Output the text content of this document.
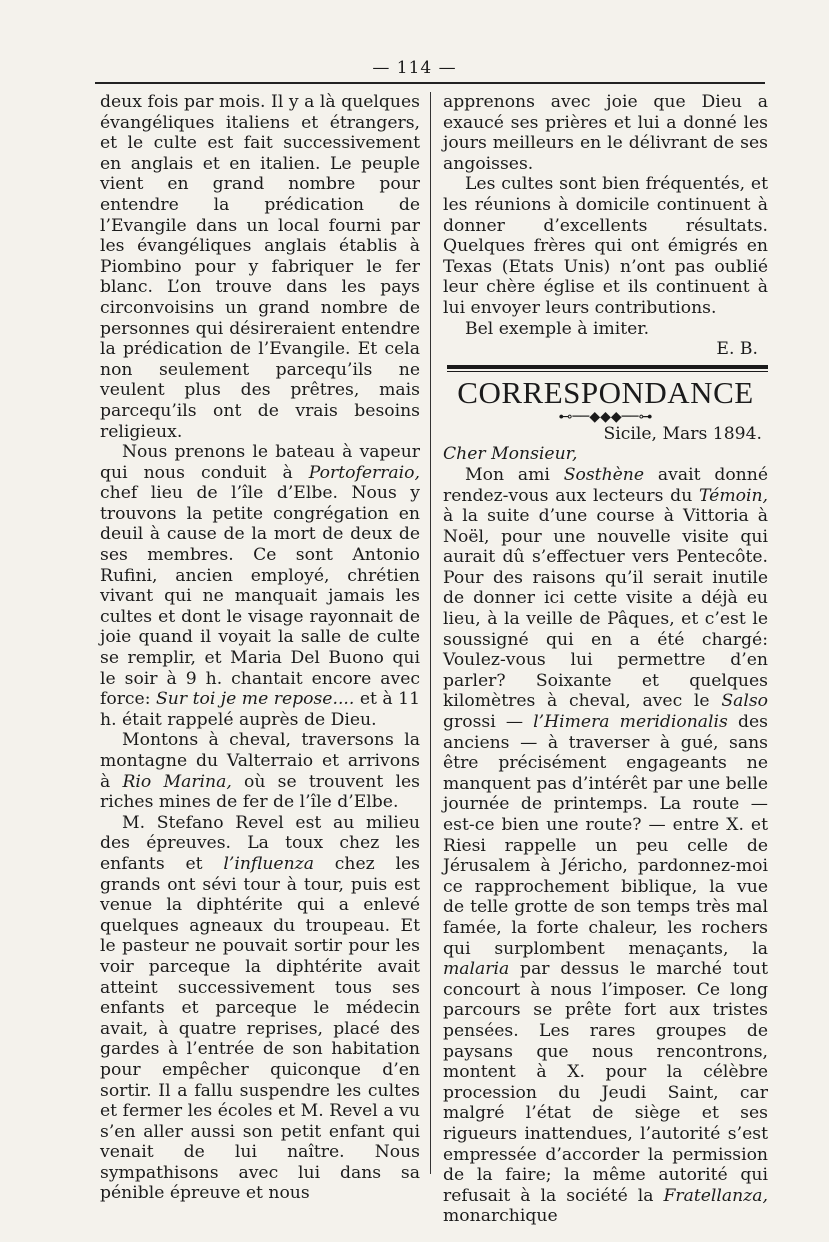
— 114 —

deux fois par mois. Il y a là quelques évangéliques italiens et étrangers, et le culte est fait successivement en anglais et en italien. Le peuple vient en grand nombre pour entendre la prédication de l’Evangile dans un local fourni par les évangéliques anglais établis à Piombino pour y fabriquer le fer blanc. L’on trouve dans les pays circonvoisins un grand nombre de personnes qui désireraient entendre la prédication de l’Evangile. Et cela non seulement parcequ’ils ne veulent plus des prêtres, mais parcequ’ils ont de vrais besoins religieux.

Nous prenons le bateau à vapeur qui nous conduit à Portoferraio, chef lieu de l’île d’Elbe. Nous y trouvons la petite congrégation en deuil à cause de la mort de deux de ses membres. Ce sont Antonio Rufini, ancien employé, chrétien vivant qui ne manquait jamais les cultes et dont le visage rayonnait de joie quand il voyait la salle de culte se remplir, et Maria Del Buono qui le soir à 9 h. chantait encore avec force: Sur toi je me repose.... et à 11 h. était rappelé auprès de Dieu.

Montons à cheval, traversons la montagne du Valterraio et arrivons à Rio Marina, où se trouvent les riches mines de fer de l’île d’Elbe.

M. Stefano Revel est au milieu des épreuves. La toux chez les enfants et l’influenza chez les grands ont sévi tour à tour, puis est venue la diphtérite qui a enlevé quelques agneaux du troupeau. Et le pasteur ne pouvait sortir pour les voir parceque la diphtérite avait atteint successivement tous ses enfants et parceque le médecin avait, à quatre reprises, placé des gardes à l’entrée de son habitation pour empêcher quiconque d’en sortir. Il a fallu suspendre les cultes et fermer les écoles et M. Revel a vu s’en aller aussi son petit enfant qui venait de lui naître. Nous sympathisons avec lui dans sa pénible épreuve et nous

apprenons avec joie que Dieu a exaucé ses prières et lui a donné les jours meilleurs en le délivrant de ses angoisses.

Les cultes sont bien fréquentés, et les réunions à domicile continuent à donner d’excellents résultats. Quelques frères qui ont émigrés en Texas (Etats Unis) n’ont pas oublié leur chère église et ils continuent à lui envoyer leurs contributions.

Bel exemple à imiter.

E. B.

CORRESPONDANCE

⊷──◆◆◆──⊶

Sicile, Mars 1894.

Cher Monsieur,

Mon ami Sosthène avait donné rendez-vous aux lecteurs du Témoin, à la suite d’une course à Vittoria à Noël, pour une nouvelle visite qui aurait dû s’effectuer vers Pentecôte. Pour des raisons qu’il serait inutile de donner ici cette visite a déjà eu lieu, à la veille de Pâques, et c’est le soussigné qui en a été chargé: Voulez-vous lui permettre d’en parler? Soixante et quelques kilomètres à cheval, avec le Salso grossi — l’Himera meridionalis des anciens — à traverser à gué, sans être précisément engageants ne manquent pas d’intérêt par une belle journée de printemps. La route — est-ce bien une route? — entre X. et Riesi rappelle un peu celle de Jérusalem à Jéricho, pardonnez-moi ce rapprochement biblique, la vue de telle grotte de son temps très mal famée, la forte chaleur, les rochers qui surplombent menaçants, la malaria par dessus le marché tout concourt à nous l’imposer. Ce long parcours se prête fort aux tristes pensées. Les rares groupes de paysans que nous rencontrons, montent à X. pour la célèbre procession du Jeudi Saint, car malgré l’état de siège et ses rigueurs inattendues, l’autorité s’est empressée d’accorder la permission de la faire; la même autorité qui refusait à la société la Fratellanza, monarchique
